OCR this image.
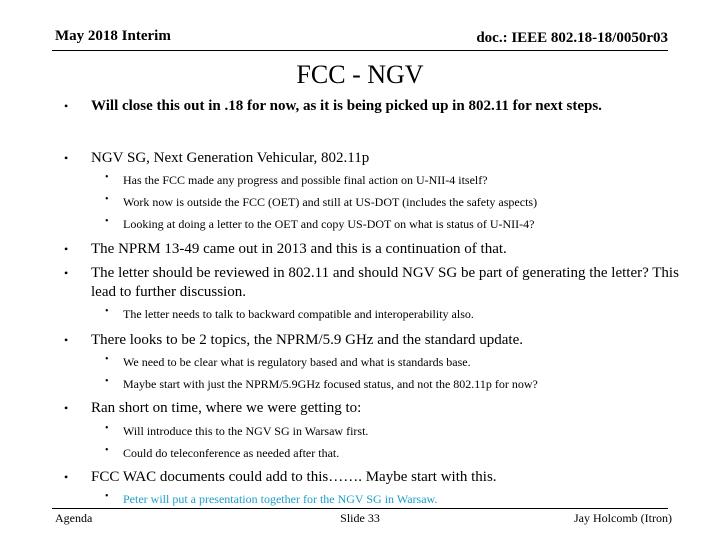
May 2018 Interim	doc.: IEEE 802.18-18/0050r03
FCC - NGV
• Will close this out in .18 for now, as it is being picked up in 802.11 for next steps.
• NGV SG, Next Generation Vehicular, 802.11p
• Has the FCC made any progress and possible final action on U-NII-4 itself?
• Work now is outside the FCC (OET) and still at US-DOT (includes the safety aspects)
• Looking at doing a letter to the OET and copy US-DOT on what is status of U-NII-4?
• The NPRM 13-49 came out in 2013 and this is a continuation of that.
• The letter should be reviewed in 802.11 and should NGV SG be part of generating the letter? This lead to further discussion.
• The letter needs to talk to backward compatible and interoperability also.
• There looks to be 2 topics, the NPRM/5.9 GHz and the standard update.
• We need to be clear what is regulatory based and what is standards base.
• Maybe start with just the NPRM/5.9GHz focused status, and not the 802.11p for now?
• Ran short on time, where we were getting to:
• Will introduce this to the NGV SG in Warsaw first.
• Could do teleconference as needed after that.
• FCC WAC documents could add to this……. Maybe start with this.
• Peter will put a presentation together for the NGV SG in Warsaw.
Agenda	Slide 33	Jay Holcomb (Itron)
